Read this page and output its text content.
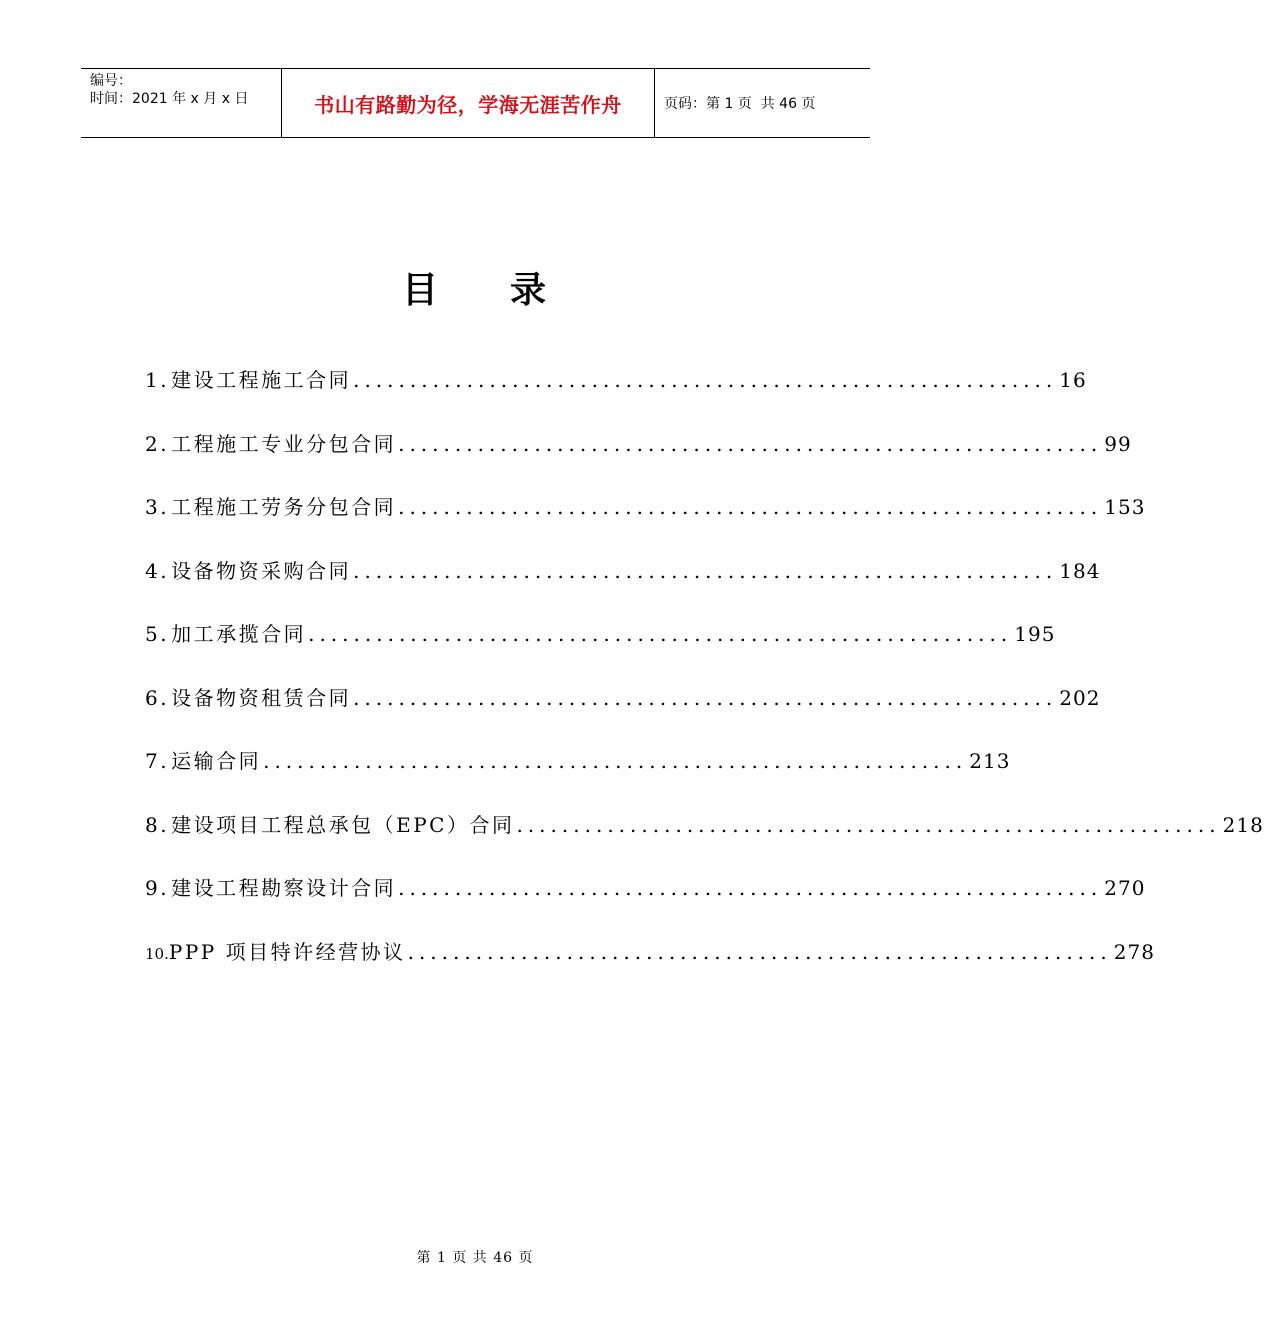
编号：
时间：2021 年 x 月 x 日	书山有路勤为径，学海无涯苦作舟	页码：第 1 页  共 46 页
目 录
1. 建设工程施工合同 .............................................................. 16
2. 工程施工专业分包合同 .............................................................. 99
3. 工程施工劳务分包合同 .............................................................. 153
4. 设备物资采购合同 .............................................................. 184
5. 加工承揽合同 .............................................................. 195
6. 设备物资租赁合同 .............................................................. 202
7. 运输合同 .............................................................. 213
8. 建设项目工程总承包（EPC）合同 .............................................................. 218
9. 建设工程勘察设计合同 .............................................................. 270
10. PPP 项目特许经营协议 .............................................................. 278
第 1 页 共 46 页
